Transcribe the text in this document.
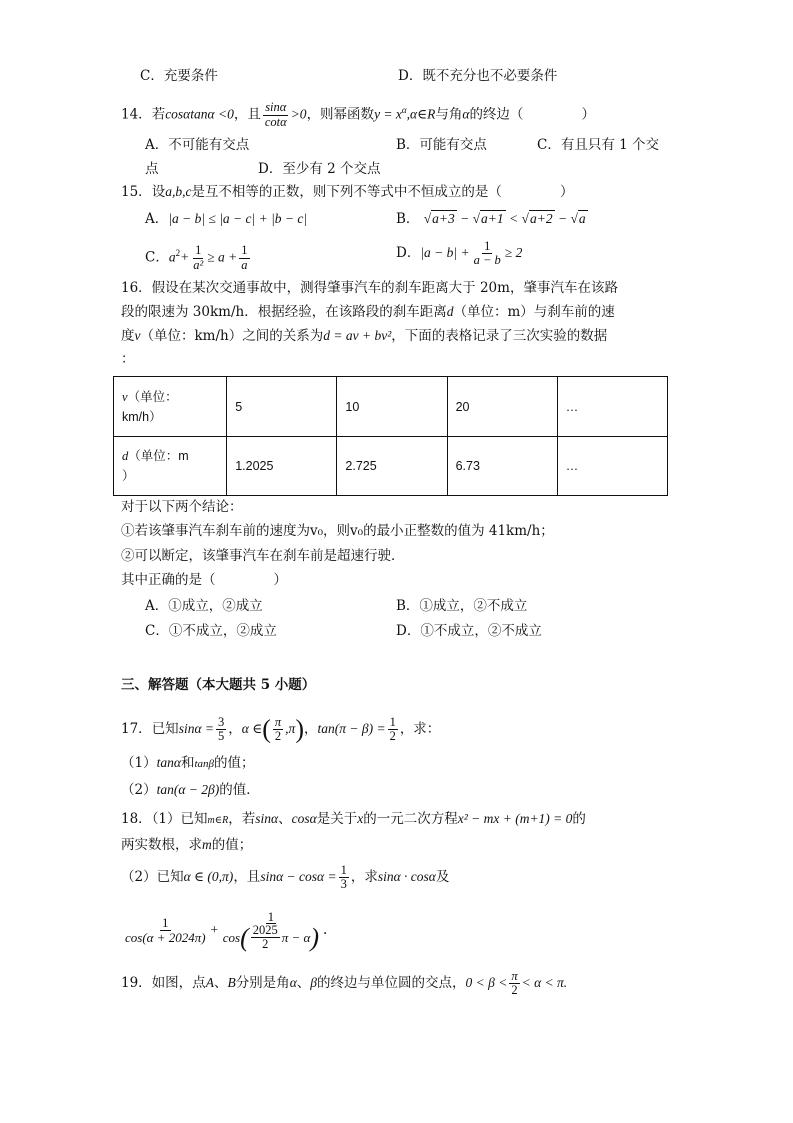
C．充要条件	D．既不充分也不必要条件
14．若cosαtanα <0，且 $\frac{\sin\alpha}{\cot\alpha} >0$，则幂函数$y = x^\alpha,\alpha\in R$与角α的终边（	）
A．不可能有交点	B．可能有交点	C．有且只有 1 个交
点	D．至少有 2 个交点
15．设a,b,c是互不相等的正数，则下列不等式中不恒成立的是（	）
A．|a − b| ≤ |a − c| + |b − c|	B． √a+3 − √a+1 < √a+2 − √a
C．$a^2+ \frac{1}{\text{a²}} \ge a + \frac{1}{a}$	D．$|a - b| + \frac{1}{a - b} \ge 2$
16．假设在某次交通事故中，测得肇事汽车的刹车距离大于 20m，肇事汽车在该路
段的限速为 30km/h．根据经验，在该路段的刹车距离d（单位：m）与刹车前的速
度v（单位：km/h）之间的关系为d = av + bv²，下面的表格记录了三次实验的数据
：
v（单位：
km/h）	5	10	20	…
d（单位：m
）	1.2025	2.725	6.73	…
对于以下两个结论：
①若该肇事汽车刹车前的速度为v₀，则v₀的最小正整数的值为 41km/h；
②可以断定，该肇事汽车在刹车前是超速行驶．
其中正确的是（	）
A．①成立，②成立	B．①成立，②不成立
C．①不成立，②成立	D．①不成立，②不成立
三、解答题（本大题共 5 小题）
17．已知$\sin\alpha = \frac{3}{5}$ ，α ∈( $\frac{\pi}{2} ,\pi$)，$\tan(\pi - \beta) = \frac{1}{2}$ ，求：
（1）tanα和tanβ的值；
（2）tan(α − 2β)的值．
18．（1）已知m∈R，若sinα、cosα是关于x的一元二次方程x² − mx + (m+1) = 0的
两实数根，求m的值；
（2）已知α ∈ (0,π)，且$\sin\alpha - \cos\alpha = \frac{1}{3}$ ，求sinα · cosα及
$\frac{1}{\cos(\alpha + 2024\pi)} + \frac{1}{\cos ( \frac{2025}{2} \pi - \alpha )}$ .
19．如图，点A、B分别是角α、β的终边与单位圆的交点，$0 < \beta < \frac{\pi}{2} < \alpha < \pi$.
